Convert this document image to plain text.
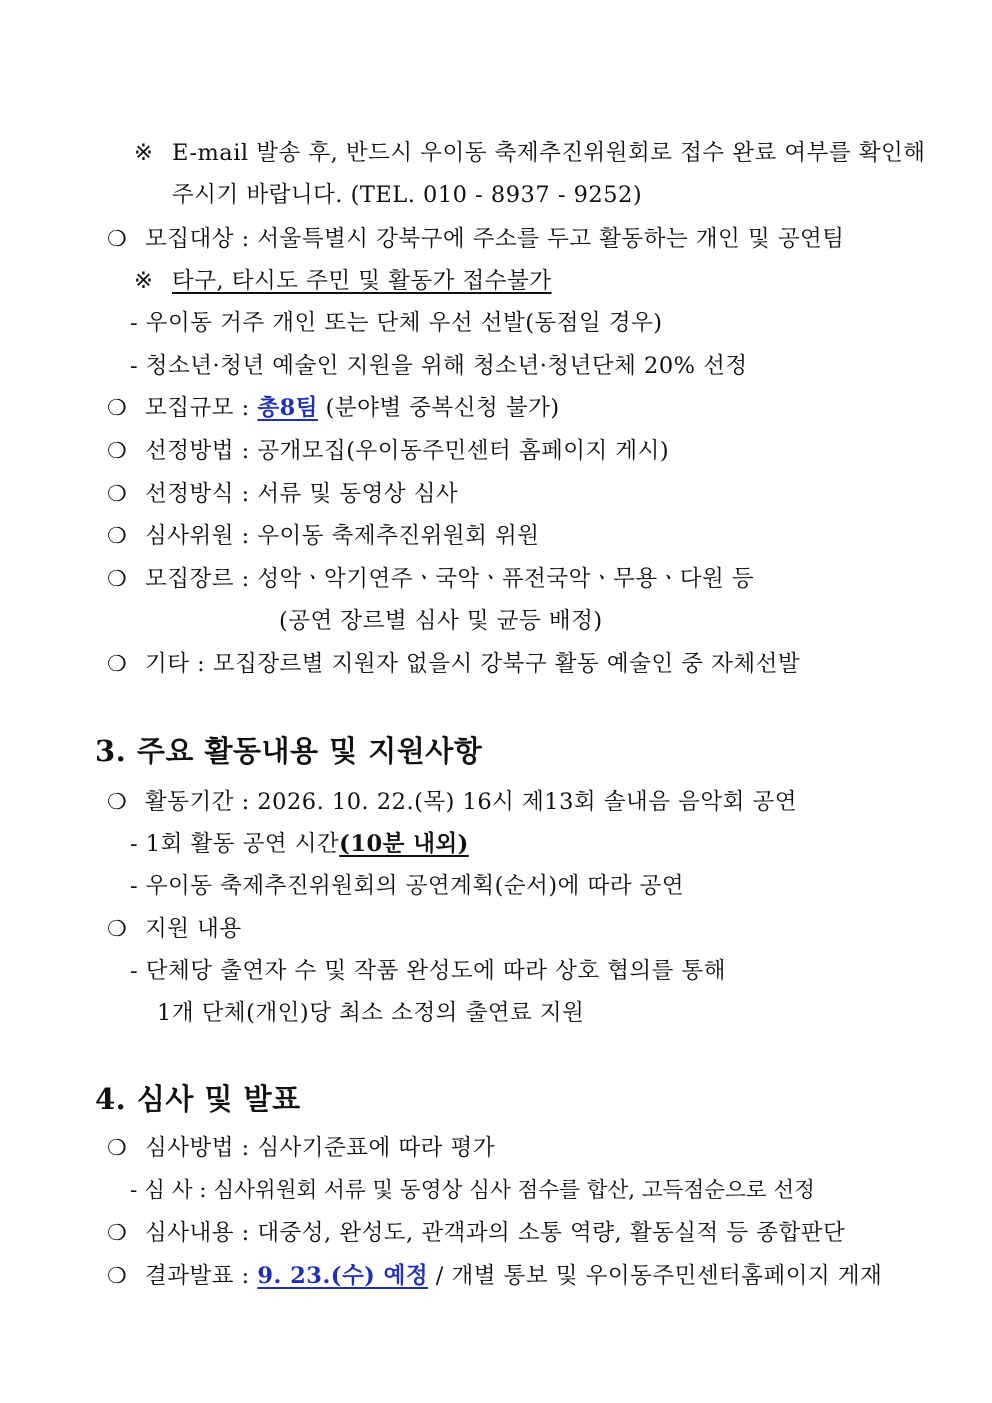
※ E-mail 발송 후, 반드시 우이동 축제추진위원회로 접수 완료 여부를 확인해
주시기 바랍니다. (TEL. 010 - 8937 - 9252)
❍ 모집대상 : 서울특별시 강북구에 주소를 두고 활동하는 개인 및 공연팀
※ 타구, 타시도 주민 및 활동가 접수불가
- 우이동 거주 개인 또는 단체 우선 선발(동점일 경우)
- 청소년·청년 예술인 지원을 위해 청소년·청년단체 20% 선정
❍ 모집규모 : 총8팀 (분야별 중복신청 불가)
❍ 선정방법 : 공개모집(우이동주민센터 홈페이지 게시)
❍ 선정방식 : 서류 및 동영상 심사
❍ 심사위원 : 우이동 축제추진위원회 위원
❍ 모집장르 : 성악ㆍ악기연주ㆍ국악ㆍ퓨전국악ㆍ무용ㆍ다원 등
(공연 장르별 심사 및 균등 배정)
❍ 기타 : 모집장르별 지원자 없을시 강북구 활동 예술인 중 자체선발
3. 주요 활동내용 및 지원사항
❍ 활동기간 : 2026. 10. 22.(목) 16시 제13회 솔내음 음악회 공연
- 1회 활동 공연 시간(10분 내외)
- 우이동 축제추진위원회의 공연계획(순서)에 따라 공연
❍ 지원 내용
- 단체당 출연자 수 및 작품 완성도에 따라 상호 협의를 통해
1개 단체(개인)당 최소 소정의 출연료 지원
4. 심사 및 발표
❍ 심사방법 : 심사기준표에 따라 평가
- 심 사 : 심사위원회 서류 및 동영상 심사 점수를 합산, 고득점순으로 선정
❍ 심사내용 : 대중성, 완성도, 관객과의 소통 역량, 활동실적 등 종합판단
❍ 결과발표 : 9. 23.(수) 예정 / 개별 통보 및 우이동주민센터홈페이지 게재
